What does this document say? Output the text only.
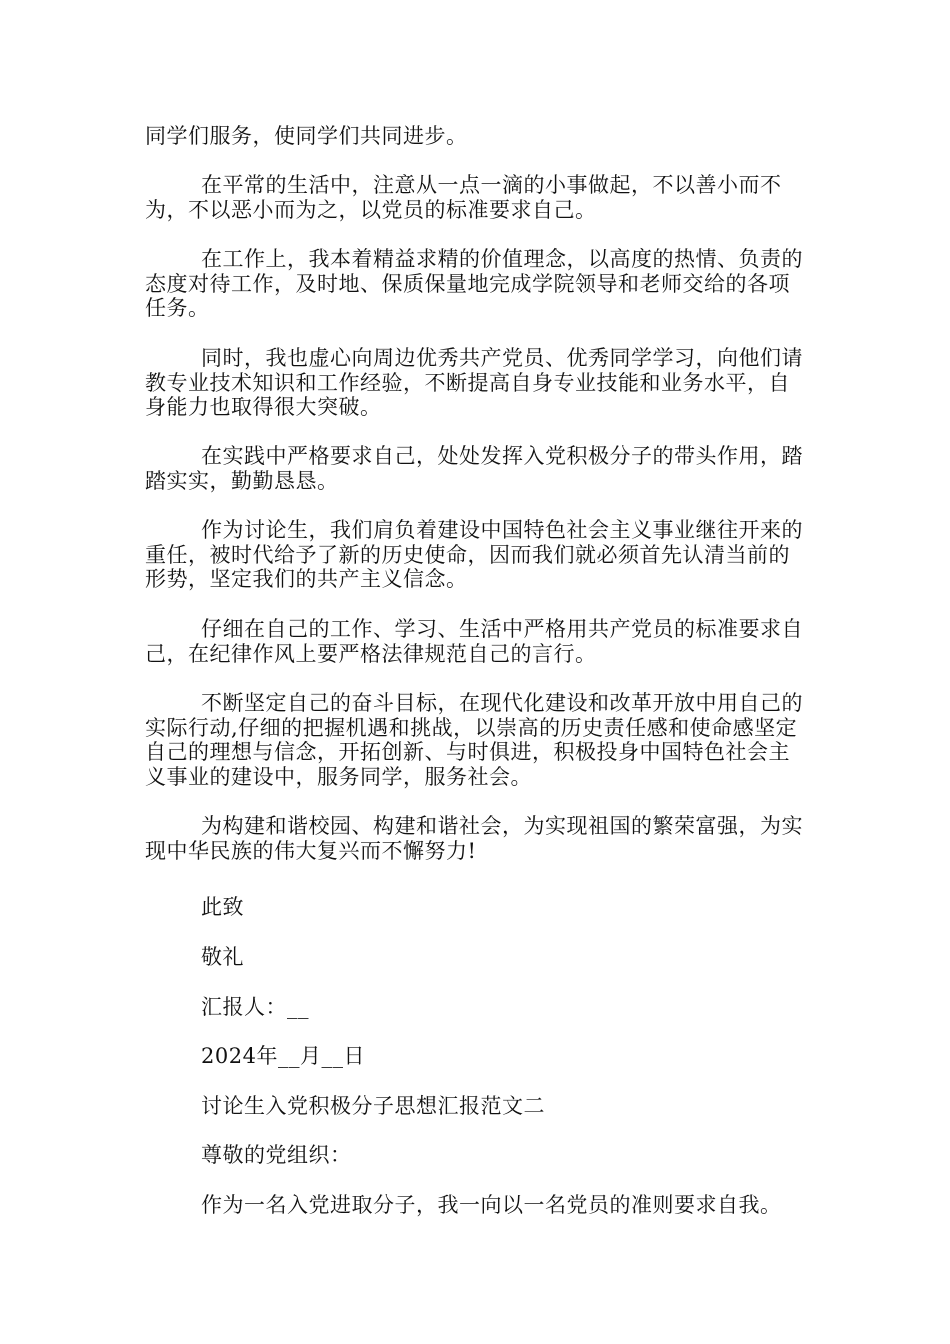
同学们服务，使同学们共同进步。
在平常的生活中，注意从一点一滴的小事做起，不以善小而不为，不以恶小而为之，以党员的标准要求自己。
在工作上，我本着精益求精的价值理念，以高度的热情、负责的态度对待工作，及时地、保质保量地完成学院领导和老师交给的各项任务。
同时，我也虚心向周边优秀共产党员、优秀同学学习，向他们请教专业技术知识和工作经验，不断提高自身专业技能和业务水平，自身能力也取得很大突破。
在实践中严格要求自己，处处发挥入党积极分子的带头作用，踏踏实实，勤勤恳恳。
作为讨论生，我们肩负着建设中国特色社会主义事业继往开来的重任，被时代给予了新的历史使命，因而我们就必须首先认清当前的形势，坚定我们的共产主义信念。
仔细在自己的工作、学习、生活中严格用共产党员的标准要求自己，在纪律作风上要严格法律规范自己的言行。
不断坚定自己的奋斗目标，在现代化建设和改革开放中用自己的实际行动,仔细的把握机遇和挑战，以崇高的历史责任感和使命感坚定自己的理想与信念，开拓创新、与时俱进，积极投身中国特色社会主义事业的建设中，服务同学，服务社会。
为构建和谐校园、构建和谐社会，为实现祖国的繁荣富强，为实现中华民族的伟大复兴而不懈努力!
此致
敬礼
汇报人：__
2024年__月__日
讨论生入党积极分子思想汇报范文二
尊敬的党组织：
作为一名入党进取分子，我一向以一名党员的准则要求自我。
